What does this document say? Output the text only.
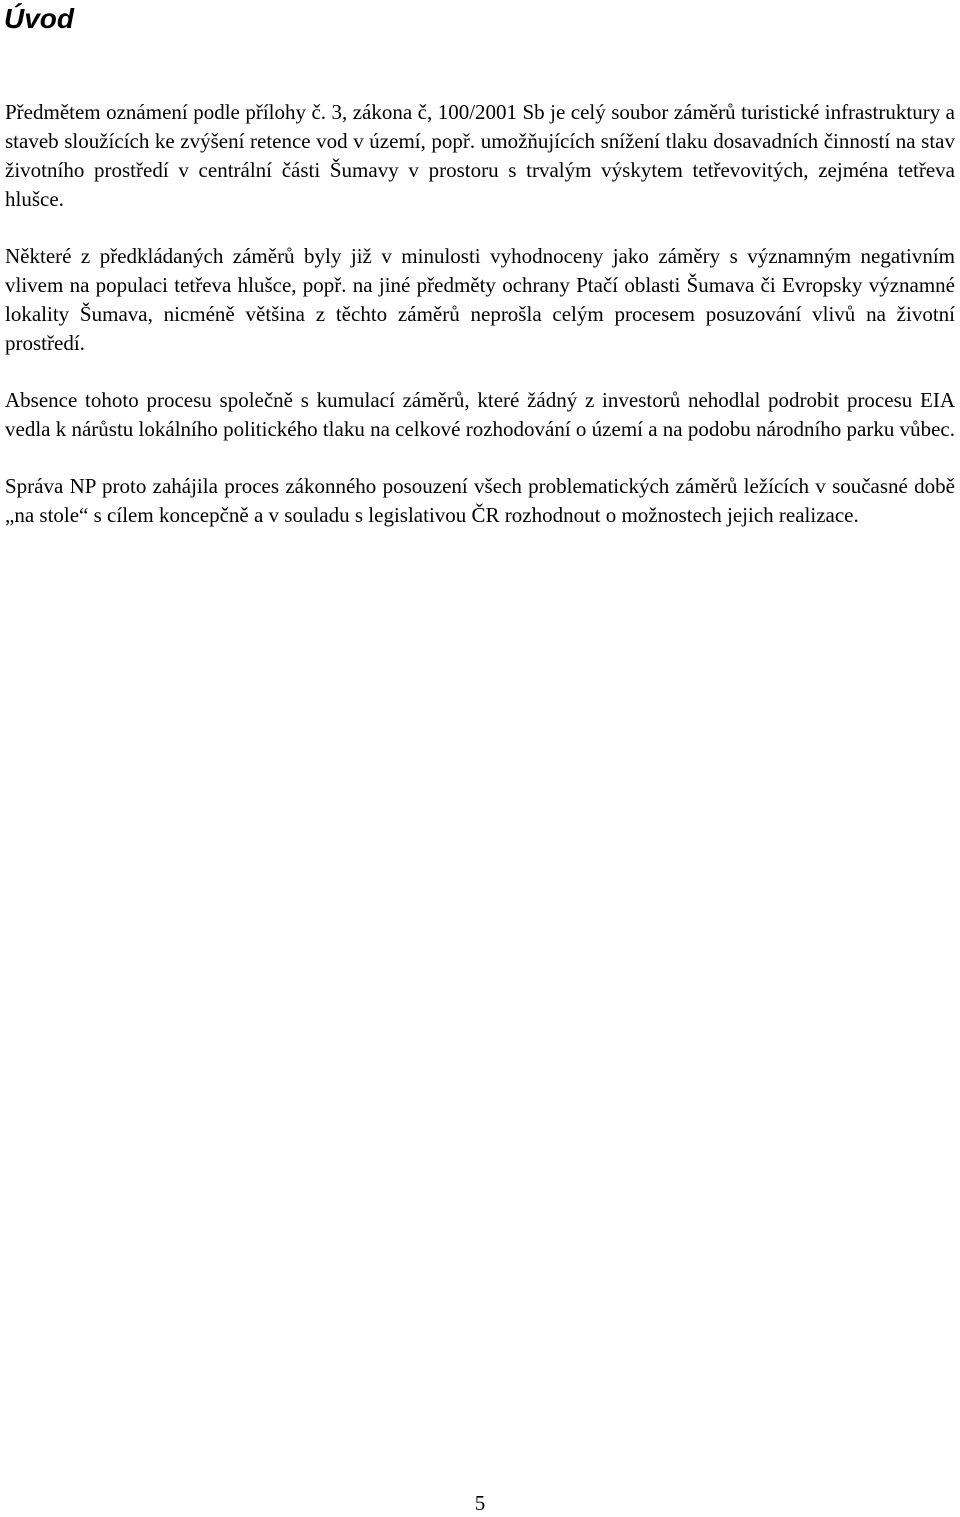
Úvod

Předmětem oznámení podle přílohy č. 3, zákona č, 100/2001 Sb je celý soubor záměrů turistické infrastruktury a staveb sloužících ke zvýšení retence vod v území, popř. umožňujících snížení tlaku dosavadních činností na stav životního prostředí v centrální části Šumavy v prostoru s trvalým výskytem tetřevovitých, zejména tetřeva hlušce.

Některé z předkládaných záměrů byly již v minulosti vyhodnoceny jako záměry s významným negativním vlivem na populaci tetřeva hlušce, popř. na jiné předměty ochrany Ptačí oblasti Šumava či Evropsky významné lokality Šumava, nicméně většina z těchto záměrů neprošla celým procesem posuzování vlivů na životní prostředí.

Absence tohoto procesu společně s kumulací záměrů, které žádný z investorů nehodlal podrobit procesu EIA vedla k nárůstu lokálního politického tlaku na celkové rozhodování o území a na podobu národního parku vůbec.

Správa NP proto zahájila proces zákonného posouzení všech problematických záměrů ležících v současné době „na stole“ s cílem koncepčně a v souladu s legislativou ČR rozhodnout o možnostech jejich realizace.

5
